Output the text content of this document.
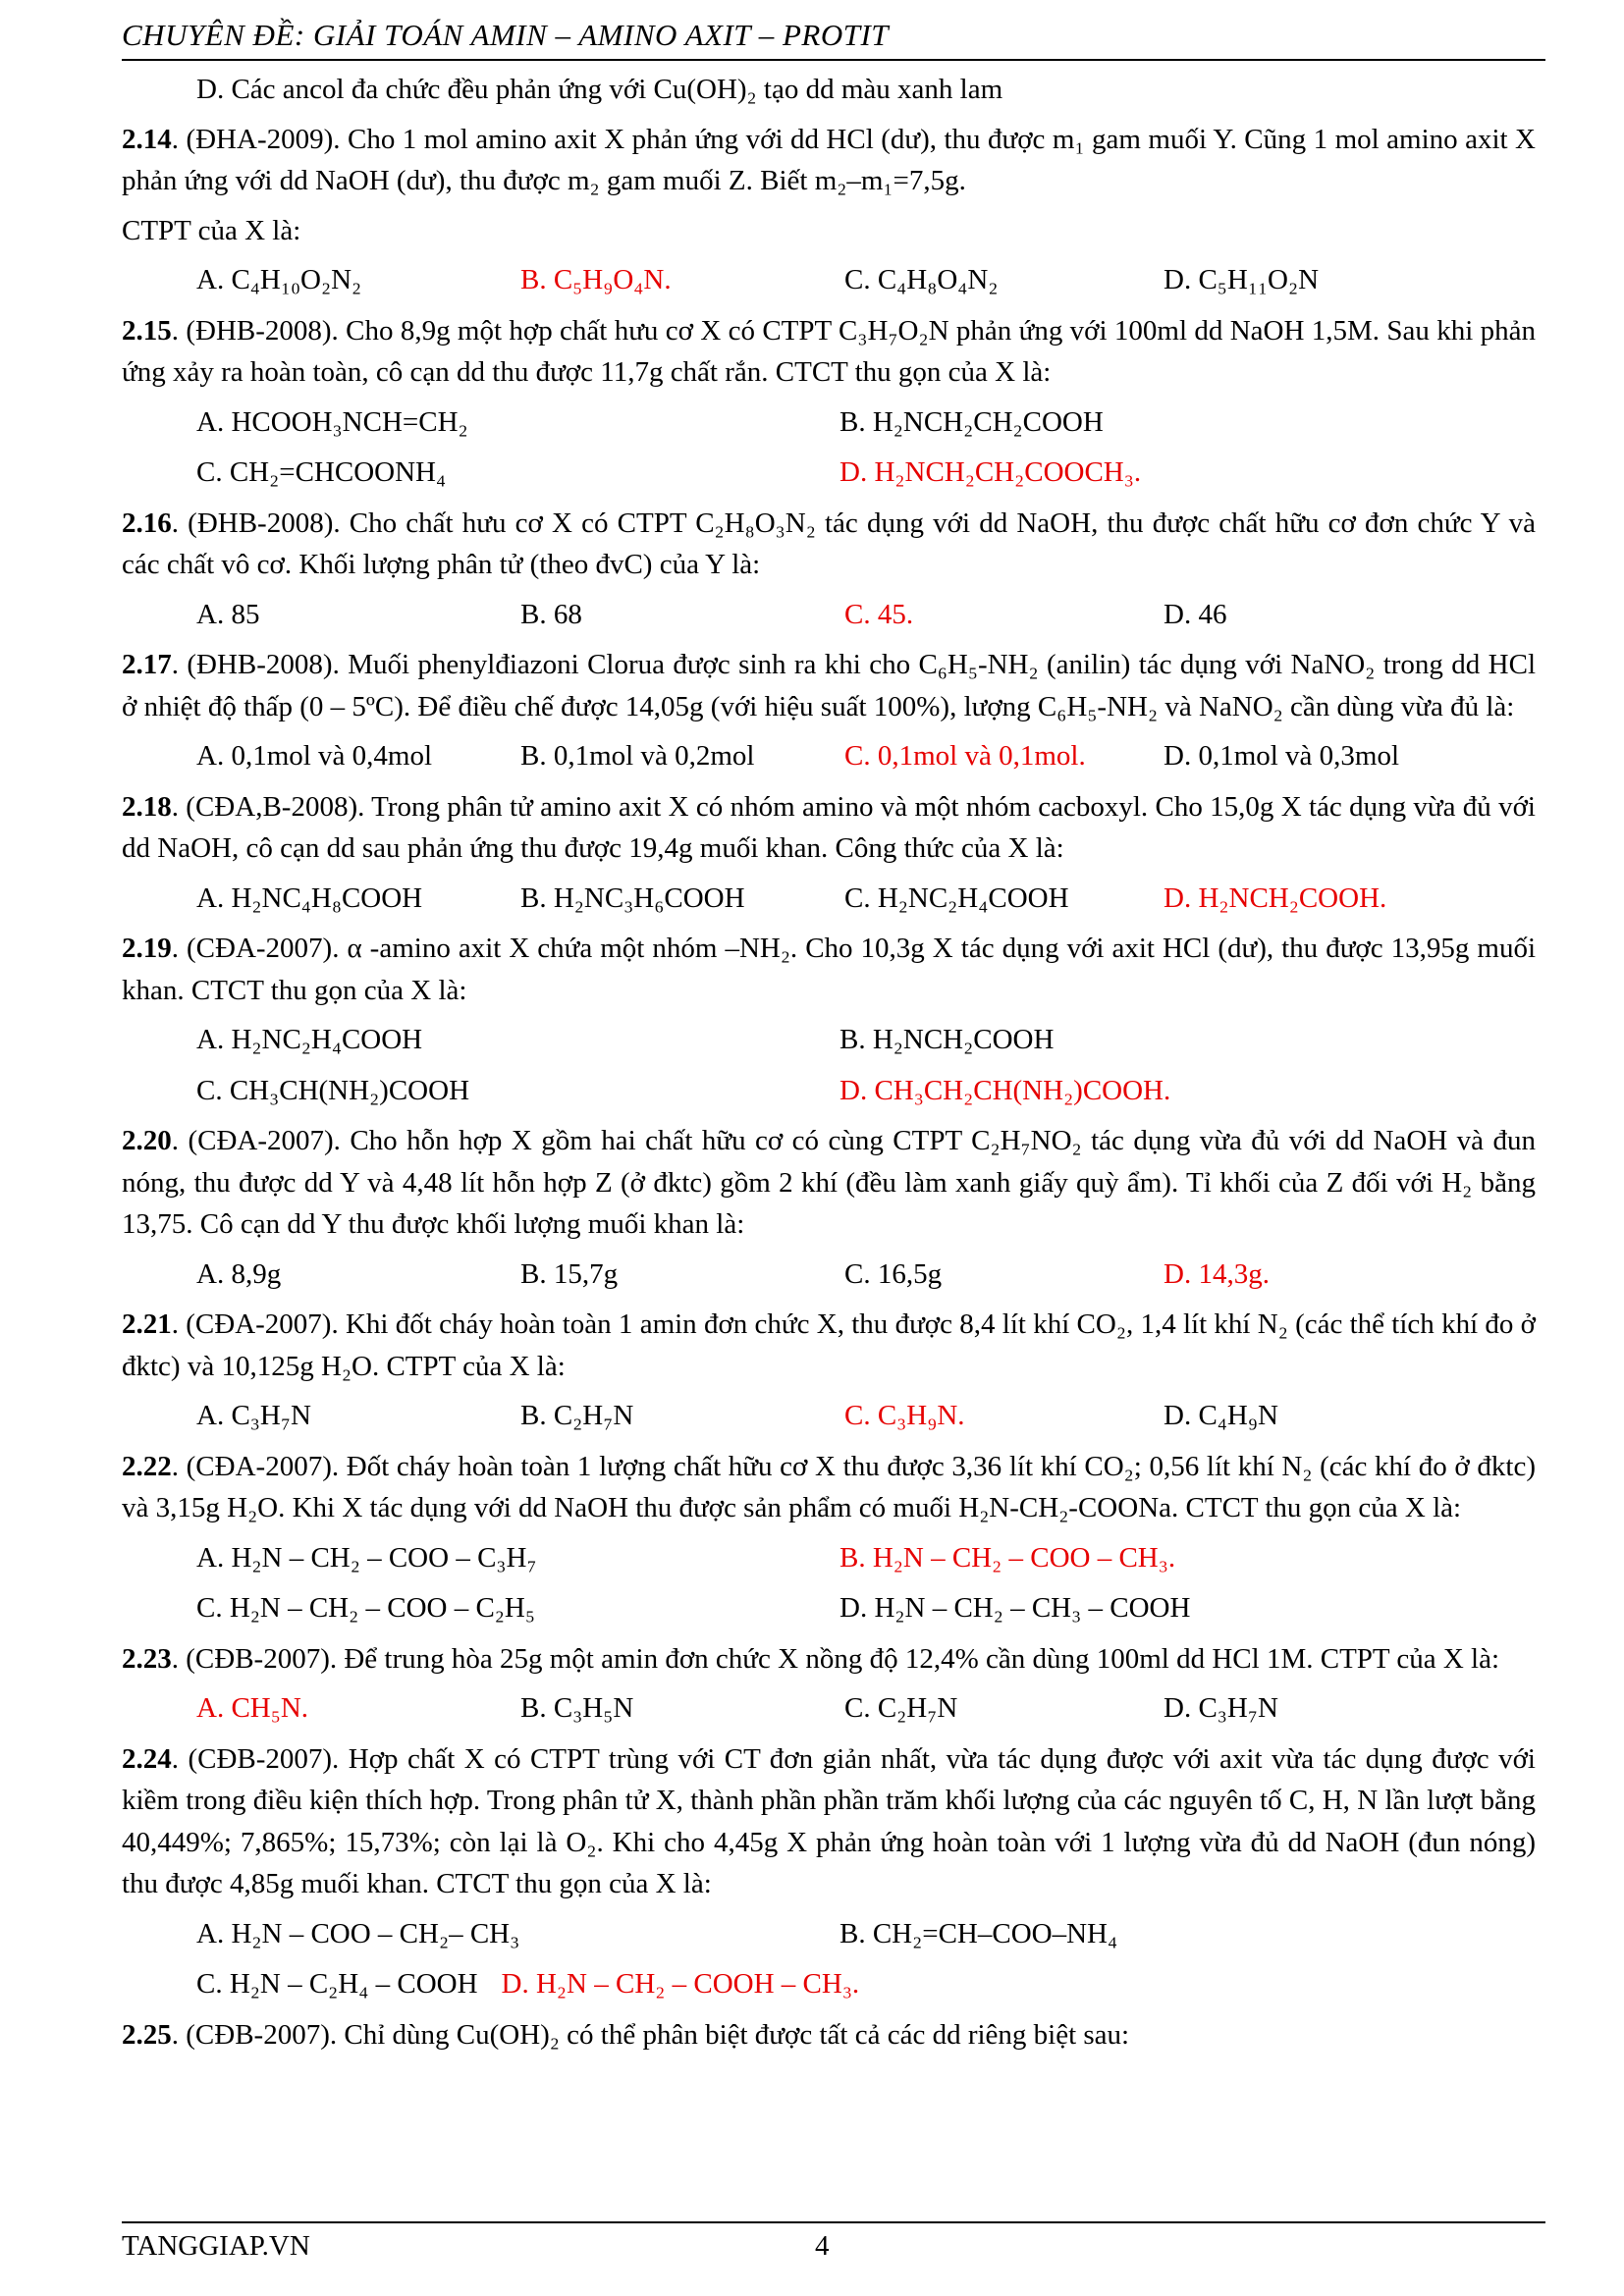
CHUYÊN ĐỀ: GIẢI TOÁN AMIN – AMINO AXIT – PROTIT
D. Các ancol đa chức đều phản ứng với Cu(OH)₂ tạo dd màu xanh lam
2.14. (ĐHA-2009). Cho 1 mol amino axit X phản ứng với dd HCl (dư), thu được m₁ gam muối Y. Cũng 1 mol amino axit X phản ứng với dd NaOH (dư), thu được m₂ gam muối Z. Biết m₂–m₁=7,5g.
CTPT của X là:
A. C₄H₁₀O₂N₂	B. C₅H₉O₄N.	C. C₄H₈O₄N₂	D. C₅H₁₁O₂N
2.15. (ĐHB-2008). Cho 8,9g một hợp chất hưu cơ X có CTPT C₃H₇O₂N phản ứng với 100ml dd NaOH 1,5M. Sau khi phản ứng xảy ra hoàn toàn, cô cạn dd thu được 11,7g chất rắn. CTCT thu gọn của X là:
A. HCOOH₃NCH=CH₂	B. H₂NCH₂CH₂COOH
C. CH₂=CHCOONH₄	D. H₂NCH₂CH₂COOCH₃.
2.16. (ĐHB-2008). Cho chất hưu cơ X có CTPT C₂H₈O₃N₂ tác dụng với dd NaOH, thu được chất hữu cơ đơn chức Y và các chất vô cơ. Khối lượng phân tử (theo đvC) của Y là:
A. 85	B. 68	C. 45.	D. 46
2.17. (ĐHB-2008). Muối phenylđiazoni Clorua được sinh ra khi cho C₆H₅-NH₂ (anilin) tác dụng với NaNO₂ trong dd HCl ở nhiệt độ thấp (0 – 5ºC). Để điều chế được 14,05g (với hiệu suất 100%), lượng C₆H₅-NH₂ và NaNO₂ cần dùng vừa đủ là:
A. 0,1mol và 0,4mol	B. 0,1mol và 0,2mol	C. 0,1mol và 0,1mol.	D. 0,1mol và 0,3mol
2.18. (CĐA,B-2008). Trong phân tử amino axit X có nhóm amino và một nhóm cacboxyl. Cho 15,0g X tác dụng vừa đủ với dd NaOH, cô cạn dd sau phản ứng thu được 19,4g muối khan. Công thức của X là:
A. H₂NC₄H₈COOH	B. H₂NC₃H₆COOH	C. H₂NC₂H₄COOH	D. H₂NCH₂COOH.
2.19. (CĐA-2007). α -amino axit X chứa một nhóm –NH₂. Cho 10,3g X tác dụng với axit HCl (dư), thu được 13,95g muối khan. CTCT thu gọn của X là:
A. H₂NC₂H₄COOH	B. H₂NCH₂COOH
C. CH₃CH(NH₂)COOH	D. CH₃CH₂CH(NH₂)COOH.
2.20. (CĐA-2007). Cho hỗn hợp X gồm hai chất hữu cơ có cùng CTPT C₂H₇NO₂ tác dụng vừa đủ với dd NaOH và đun nóng, thu được dd Y và 4,48 lít hỗn hợp Z (ở đktc) gồm 2 khí (đều làm xanh giấy quỳ ẩm). Tỉ khối của Z đối với H₂ bằng 13,75. Cô cạn dd Y thu được khối lượng muối khan là:
A. 8,9g	B. 15,7g	C. 16,5g	D. 14,3g.
2.21. (CĐA-2007). Khi đốt cháy hoàn toàn 1 amin đơn chức X, thu được 8,4 lít khí CO₂, 1,4 lít khí N₂ (các thể tích khí đo ở đktc) và 10,125g H₂O. CTPT của X là:
A. C₃H₇N	B. C₂H₇N	C. C₃H₉N.	D. C₄H₉N
2.22. (CĐA-2007). Đốt cháy hoàn toàn 1 lượng chất hữu cơ X thu được 3,36 lít khí CO₂; 0,56 lít khí N₂ (các khí đo ở đktc) và 3,15g H₂O. Khi X tác dụng với dd NaOH thu được sản phẩm có muối H₂N-CH₂-COONa. CTCT thu gọn của X là:
A. H₂N – CH₂ – COO – C₃H₇	B. H₂N – CH₂ – COO – CH₃.
C. H₂N – CH₂ – COO – C₂H₅	D. H₂N – CH₂ – CH₃ – COOH
2.23. (CĐB-2007). Để trung hòa 25g một amin đơn chức X nồng độ 12,4% cần dùng 100ml dd HCl 1M. CTPT của X là:
A. CH₅N.	B. C₃H₅N	C. C₂H₇N	D. C₃H₇N
2.24. (CĐB-2007). Hợp chất X có CTPT trùng với CT đơn giản nhất, vừa tác dụng được với axit vừa tác dụng được với kiềm trong điều kiện thích hợp. Trong phân tử X, thành phần phần trăm khối lượng của các nguyên tố C, H, N lần lượt bằng 40,449%; 7,865%; 15,73%; còn lại là O₂. Khi cho 4,45g X phản ứng hoàn toàn với 1 lượng vừa đủ dd NaOH (đun nóng) thu được 4,85g muối khan. CTCT thu gọn của X là:
A. H₂N – COO – CH₂– CH₃	B. CH₂=CH–COO–NH₄
C. H₂N – C₂H₄ – COOH D. H₂N – CH₂ – COOH – CH₃.
2.25. (CĐB-2007). Chỉ dùng Cu(OH)₂ có thể phân biệt được tất cả các dd riêng biệt sau:
TANGGIAP.VN	4
